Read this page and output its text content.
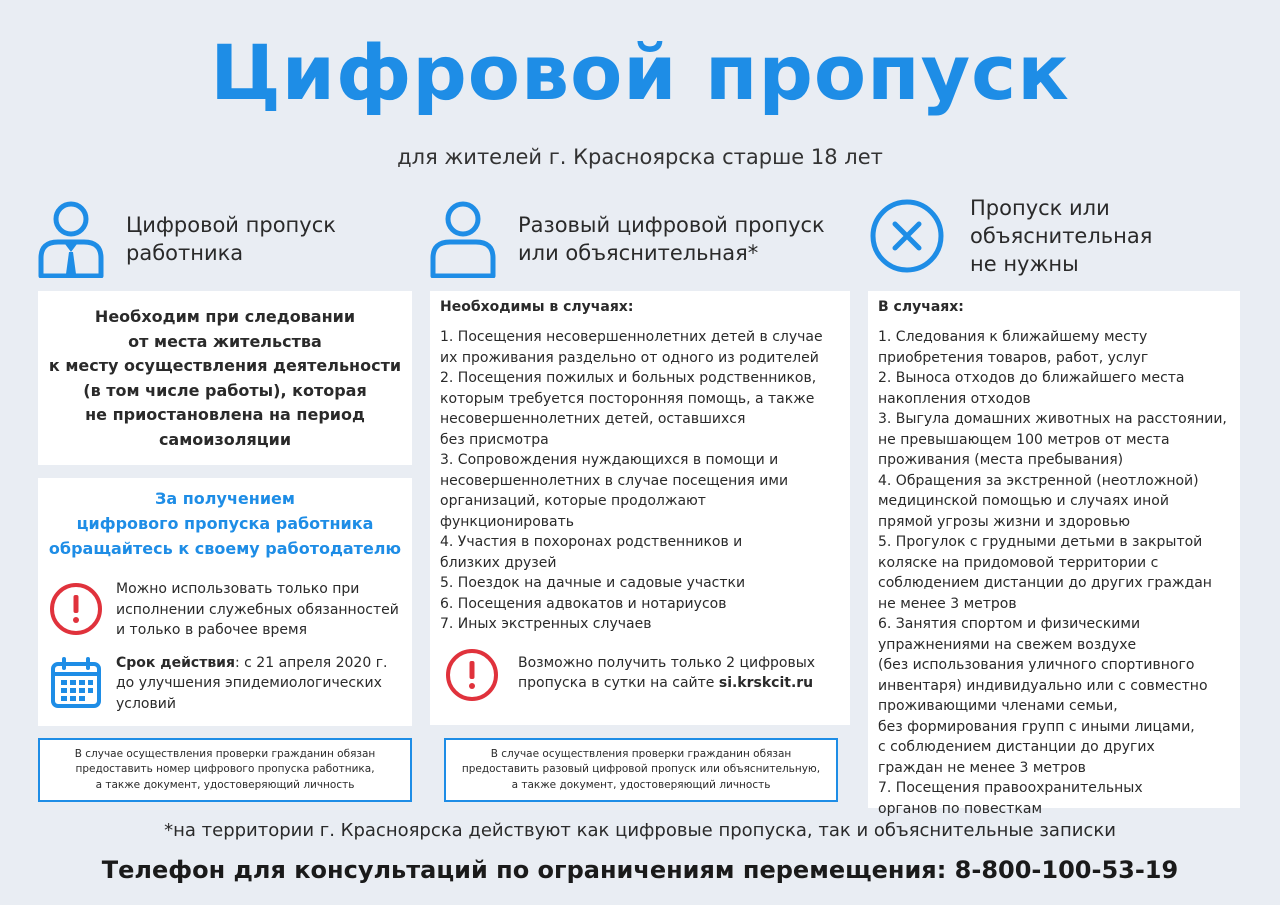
Цифровой пропуск
для жителей г. Красноярска старше 18 лет
Цифровой пропуск
работника
Разовый цифровой пропуск
или объяснительная*
Пропуск или
объяснительная
не нужны
Необходим при следовании
от места жительства
к месту осуществления деятельности
(в том числе работы), которая
не приостановлена на период
самоизоляции
За получением
цифрового пропуска работника
обращайтесь к своему работодателю
Можно использовать только при
исполнении служебных обязанностей
и только в рабочее время
Срок действия: с 21 апреля 2020 г.
до улучшения эпидемиологических
условий
В случае осуществления проверки гражданин обязан
предоставить номер цифрового пропуска работника,
а также документ, удостоверяющий личность
Необходимы в случаях:
1. Посещения несовершеннолетних детей в случае
их проживания раздельно от одного из родителей
2. Посещения пожилых и больных родственников,
которым требуется посторонняя помощь, а также
несовершеннолетних детей, оставшихся
без присмотра
3. Сопровождения нуждающихся в помощи и
несовершеннолетних в случае посещения ими
организаций, которые продолжают
функционировать
4. Участия в похоронах родственников и
близких друзей
5. Поездок на дачные и садовые участки
6. Посещения адвокатов и нотариусов
7. Иных экстренных случаев
Возможно получить только 2 цифровых
пропуска в сутки на сайте si.krskcit.ru
В случае осуществления проверки гражданин обязан
предоставить разовый цифровой пропуск или объяснительную,
а также документ, удостоверяющий личность
В случаях:
1. Следования к ближайшему месту
приобретения товаров, работ, услуг
2. Выноса отходов до ближайшего места
накопления отходов
3. Выгула домашних животных на расстоянии,
не превышающем 100 метров от места
проживания (места пребывания)
4. Обращения за экстренной (неотложной)
медицинской помощью и случаях иной
прямой угрозы жизни и здоровью
5. Прогулок с грудными детьми в закрытой
коляске на придомовой территории с
соблюдением дистанции до других граждан
не менее 3 метров
6. Занятия спортом и физическими
упражнениями на свежем воздухе
(без использования уличного спортивного
инвентаря) индивидуально или с совместно
проживающими членами семьи,
без формирования групп с иными лицами,
с соблюдением дистанции до других
граждан не менее 3 метров
7. Посещения правоохранительных
органов по повесткам
*на территории г. Красноярска действуют как цифровые пропуска, так и объяснительные записки
Телефон для консультаций по ограничениям перемещения: 8-800-100-53-19
